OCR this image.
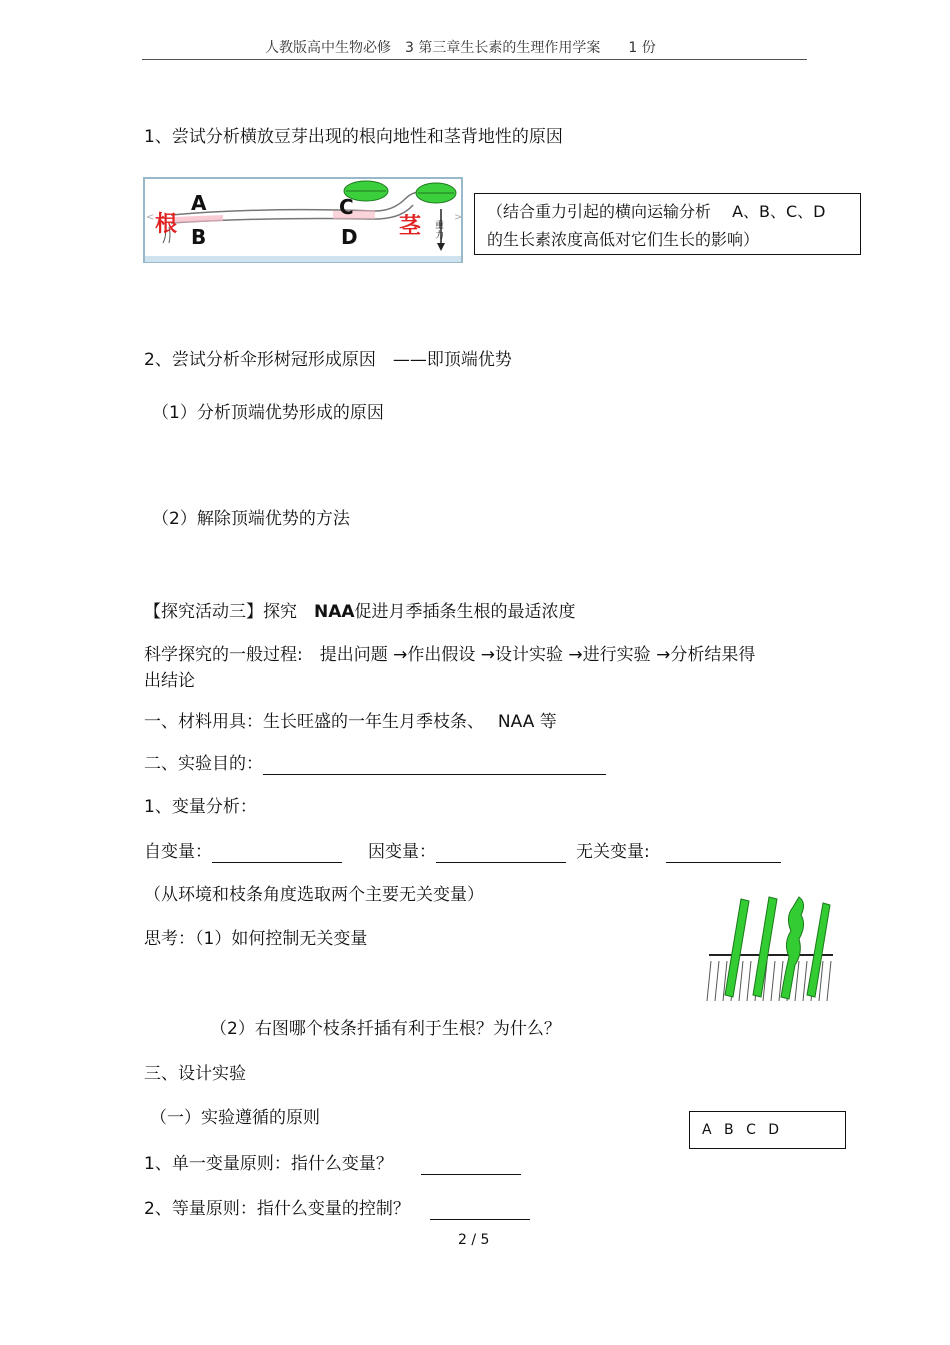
人教版高中生物必修　3 第三章生长素的生理作用学案　　1 份
1、尝试分析横放豆芽出现的根向地性和茎背地性的原因
<	>
根	茎 重力
A
B
C
D
（结合重力引起的横向运输分析　 A、B、C、D
的生长素浓度高低对它们生长的影响）
2、尝试分析伞形树冠形成原因　——即顶端优势
（1）分析顶端优势形成的原因
（2）解除顶端优势的方法
【探究活动三】探究　NAA促进月季插条生根的最适浓度
科学探究的一般过程:　提出问题 →作出假设 →设计实验 →进行实验 →分析结果得
出结论
一、材料用具：生长旺盛的一年生月季枝条、　 NAA 等
二、实验目的：
1、变量分析：
自变量：	因变量：	无关变量:
（从环境和枝条角度选取两个主要无关变量）
思考：（1）如何控制无关变量
（2）右图哪个枝条扦插有利于生根？为什么？
三、设计实验
（一）实验遵循的原则
A B C D
1、单一变量原则：指什么变量？
2、等量原则：指什么变量的控制？
2 / 5
